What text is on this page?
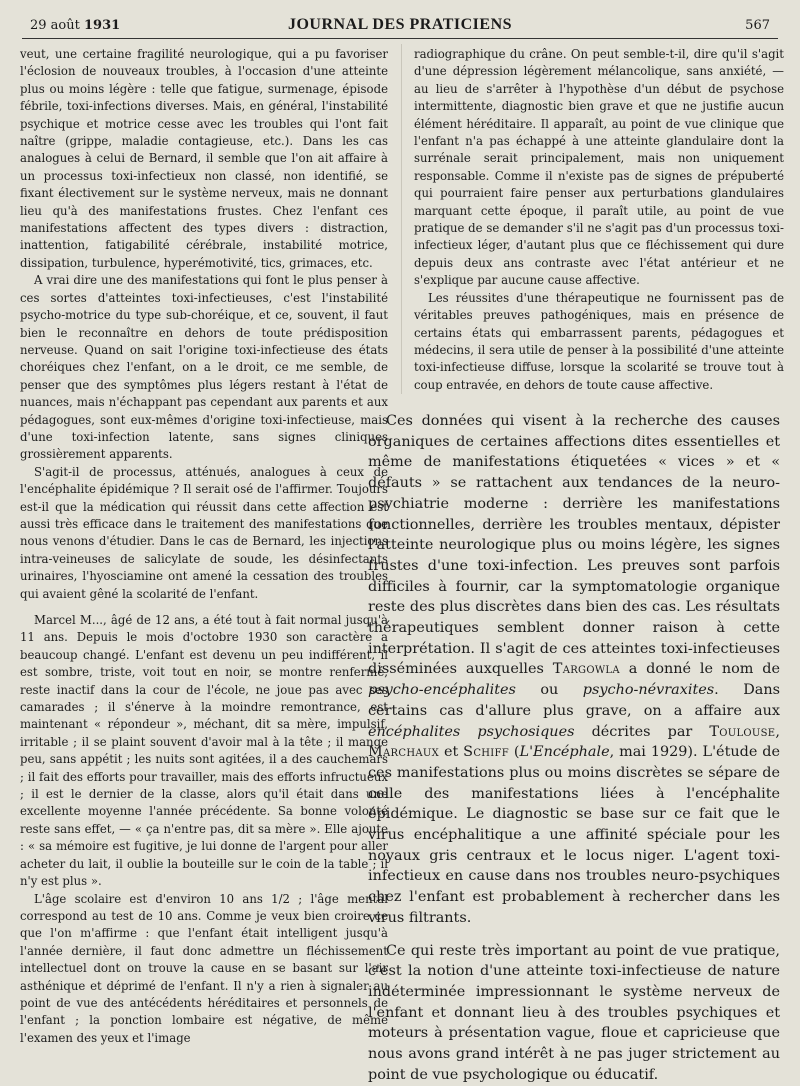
29 août 1931	JOURNAL DES PRATICIENS	567

veut, une certaine fragilité neurologique, qui a pu favoriser l'éclosion de nouveaux troubles, à l'occasion d'une atteinte plus ou moins légère : telle que fatigue, surmenage, épisode fébrile, toxi-infections diverses. Mais, en général, l'instabilité psychique et motrice cesse avec les troubles qui l'ont fait naître (grippe, maladie contagieuse, etc.). Dans les cas analogues à celui de Bernard, il semble que l'on ait affaire à un processus toxi-infectieux non classé, non identifié, se fixant électivement sur le système nerveux, mais ne donnant lieu qu'à des manifestations frustes. Chez l'enfant ces manifestations affectent des types divers : distraction, inattention, fatigabilité cérébrale, instabilité motrice, dissipation, turbulence, hyperémotivité, tics, grimaces, etc.

A vrai dire une des manifestations qui font le plus penser à ces sortes d'atteintes toxi-infectieuses, c'est l'instabilité psycho-motrice du type sub-choréique, et ce, souvent, il faut bien le reconnaître en dehors de toute prédisposition nerveuse. Quand on sait l'origine toxi-infectieuse des états choréiques chez l'enfant, on a le droit, ce me semble, de penser que des symptômes plus légers restant à l'état de nuances, mais n'échappant pas cependant aux parents et aux pédagogues, sont eux-mêmes d'origine toxi-infectieuse, mais d'une toxi-infection latente, sans signes cliniques grossièrement apparents.

S'agit-il de processus, atténués, analogues à ceux de l'encéphalite épidémique ? Il serait osé de l'affirmer. Toujours est-il que la médication qui réussit dans cette affection est aussi très efficace dans le traitement des manifestations que nous venons d'étudier. Dans le cas de Bernard, les injections intra-veineuses de salicylate de soude, les désinfectants urinaires, l'hyosciamine ont amené la cessation des troubles qui avaient gêné la scolarité de l'enfant.

Marcel M..., âgé de 12 ans, a été tout à fait normal jusqu'à 11 ans. Depuis le mois d'octobre 1930 son caractère a beaucoup changé. L'enfant est devenu un peu indifférent, il est sombre, triste, voit tout en noir, se montre renfermé, reste inactif dans la cour de l'école, ne joue pas avec ses camarades ; il s'énerve à la moindre remontrance, est maintenant « répondeur », méchant, dit sa mère, impulsif, irritable ; il se plaint souvent d'avoir mal à la tête ; il mange peu, sans appétit ; les nuits sont agitées, il a des cauchemars ; il fait des efforts pour travailler, mais des efforts infructueux ; il est le dernier de la classe, alors qu'il était dans une excellente moyenne l'année précédente. Sa bonne volonté reste sans effet, — « ça n'entre pas, dit sa mère ». Elle ajoute : « sa mémoire est fugitive, je lui donne de l'argent pour aller acheter du lait, il oublie la bouteille sur le coin de la table ; il n'y est plus ».

L'âge scolaire est d'environ 10 ans 1/2 ; l'âge mental correspond au test de 10 ans. Comme je veux bien croire ce que l'on m'affirme : que l'enfant était intelligent jusqu'à l'année dernière, il faut donc admettre un fléchissement intellectuel dont on trouve la cause en se basant sur l'air asthénique et déprimé de l'enfant. Il n'y a rien à signaler au point de vue des antécédents héréditaires et personnels de l'enfant ; la ponction lombaire est négative, de même l'examen des yeux et l'image

radiographique du crâne. On peut semble-t-il, dire qu'il s'agit d'une dépression légèrement mélancolique, sans anxiété, — au lieu de s'arrêter à l'hypothèse d'un début de psychose intermittente, diagnostic bien grave et que ne justifie aucun élément héréditaire. Il apparaît, au point de vue clinique que l'enfant n'a pas échappé à une atteinte glandulaire dont la surrénale serait principalement, mais non uniquement responsable. Comme il n'existe pas de signes de prépuberté qui pourraient faire penser aux perturbations glandulaires marquant cette époque, il paraît utile, au point de vue pratique de se demander s'il ne s'agit pas d'un processus toxi-infectieux léger, d'autant plus que ce fléchissement qui dure depuis deux ans contraste avec l'état antérieur et ne s'explique par aucune cause affective.

Les réussites d'une thérapeutique ne fournissent pas de véritables preuves pathogéniques, mais en présence de certains états qui embarrassent parents, pédagogues et médecins, il sera utile de penser à la possibilité d'une atteinte toxi-infectieuse diffuse, lorsque la scolarité se trouve tout à coup entravée, en dehors de toute cause affective.

Ces données qui visent à la recherche des causes organiques de certaines affections dites essentielles et même de manifestations étiquetées « vices » et « défauts » se rattachent aux tendances de la neuro-psychiatrie moderne : derrière les manifestations fonctionnelles, derrière les troubles mentaux, dépister l'atteinte neurologique plus ou moins légère, les signes frustes d'une toxi-infection. Les preuves sont parfois difficiles à fournir, car la symptomatologie organique reste des plus discrètes dans bien des cas. Les résultats thérapeutiques semblent donner raison à cette interprétation. Il s'agit de ces atteintes toxi-infectieuses disséminées auxquelles Targowla a donné le nom de psycho-encéphalites ou psycho-névraxites. Dans certains cas d'allure plus grave, on a affaire aux encéphalites psychosiques décrites par Toulouse, Marchaux et Schiff (L'Encéphale, mai 1929). L'étude de ces manifestations plus ou moins discrètes se sépare de celle des manifestations liées à l'encéphalite épidémique. Le diagnostic se base sur ce fait que le virus encéphalitique a une affinité spéciale pour les noyaux gris centraux et le locus niger. L'agent toxi-infectieux en cause dans nos troubles neuro-psychiques chez l'enfant est probablement à rechercher dans les virus filtrants.

Ce qui reste très important au point de vue pratique, c'est la notion d'une atteinte toxi-infectieuse de nature indéterminée impressionnant le système nerveux de l'enfant et donnant lieu à des troubles psychiques et moteurs à présentation vague, floue et capricieuse que nous avons grand intérêt à ne pas juger strictement au point de vue psychologique ou éducatif.
